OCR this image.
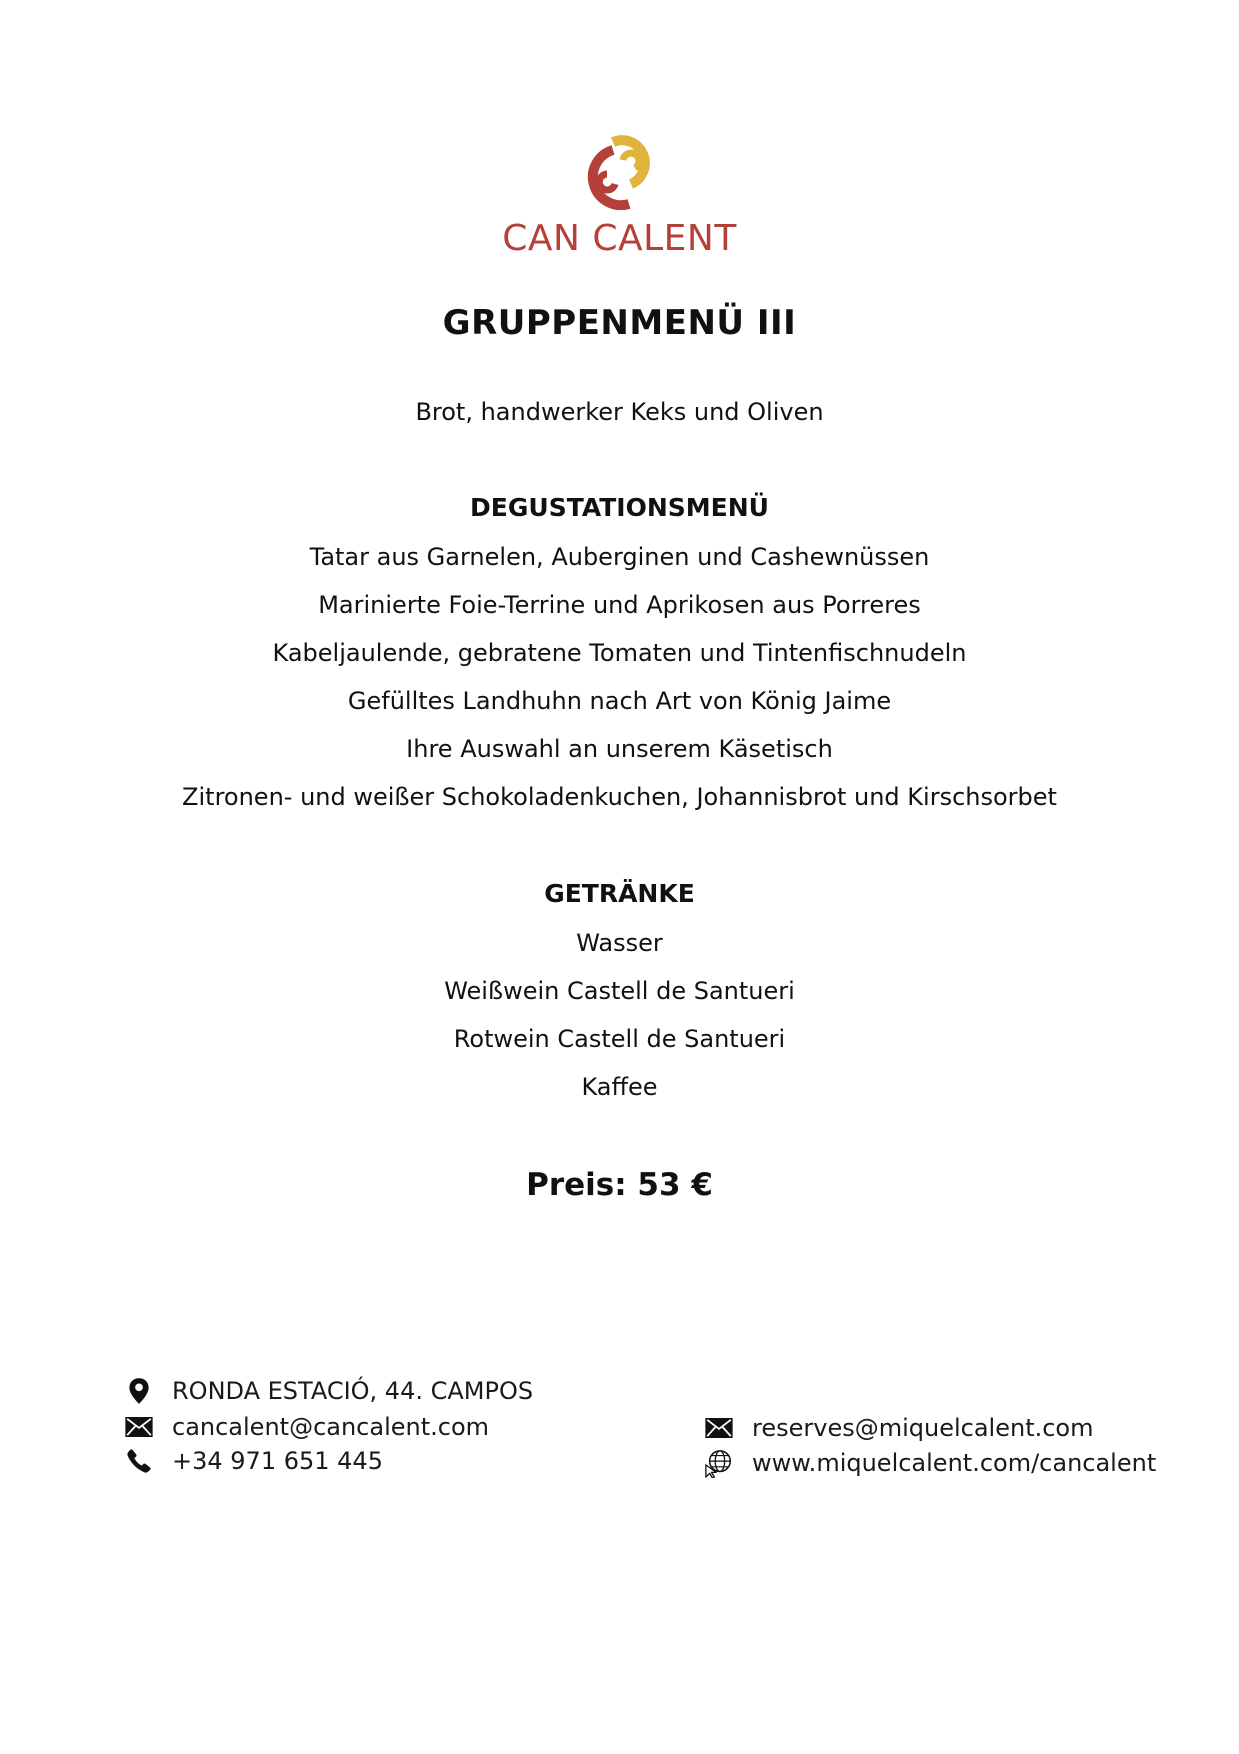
CAN CALENT
GRUPPENMENÜ III
Brot, handwerker Keks und Oliven
DEGUSTATIONSMENÜ
Tatar aus Garnelen, Auberginen und Cashewnüssen
Marinierte Foie-Terrine und Aprikosen aus Porreres
Kabeljaulende, gebratene Tomaten und Tintenfischnudeln
Gefülltes Landhuhn nach Art von König Jaime
Ihre Auswahl an unserem Käsetisch
Zitronen- und weißer Schokoladenkuchen, Johannisbrot und Kirschsorbet
GETRÄNKE
Wasser
Weißwein Castell de Santueri
Rotwein Castell de Santueri
Kaffee
Preis: 53 €
RONDA ESTACIÓ, 44. CAMPOS
cancalent@cancalent.com
+34 971 651 445
reserves@miquelcalent.com
www.miquelcalent.com/cancalent
